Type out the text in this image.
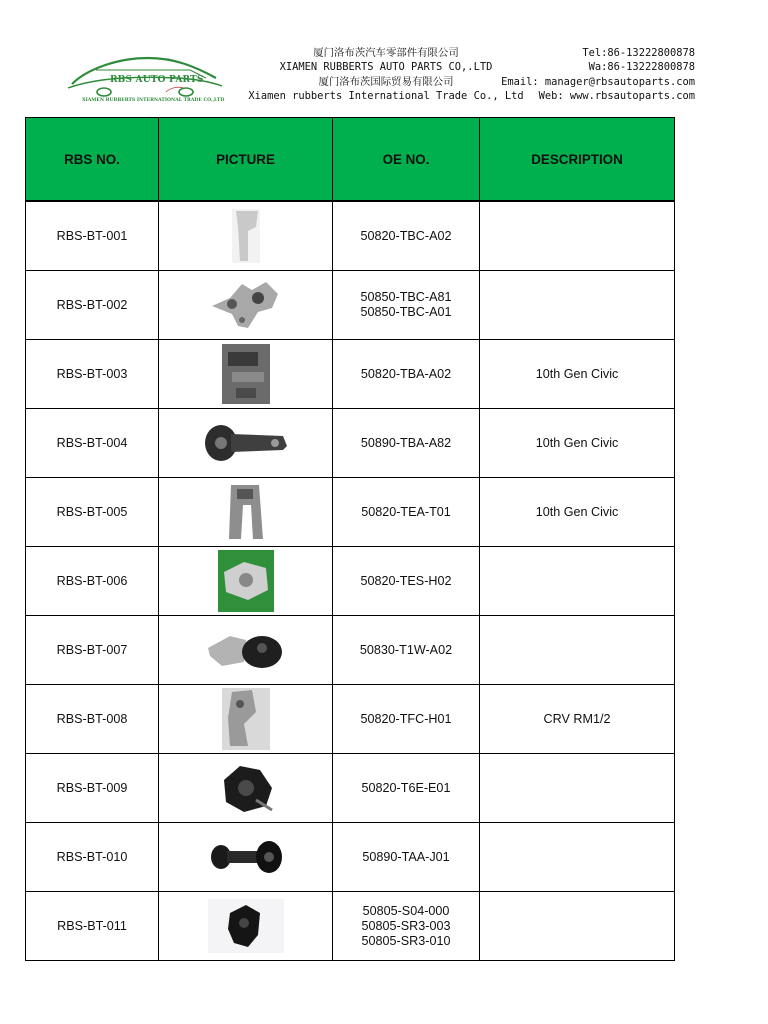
RBS AUTO PARTS
XIAMEN RUBBERTS INTERNATIONAL TRADE CO.,LTD
厦门洛布茨汽车零部件有限公司
XIAMEN RUBBERTS AUTO PARTS CO,.LTD
厦门洛布茨国际贸易有限公司
Xiamen rubberts International Trade Co., Ltd
Tel:86-13222800878
Wa:86-13222800878
Email: manager@rbsautoparts.com
Web: www.rbsautoparts.com
RBS NO.	PICTURE	OE NO.	DESCRIPTION
RBS-BT-001		50820-TBC-A02	

RBS-BT-002		50850-TBC-A81
50850-TBC-A01	

RBS-BT-003		50820-TBA-A02	10th Gen Civic
RBS-BT-004		50890-TBA-A82	10th Gen Civic
RBS-BT-005		50820-TEA-T01	10th Gen Civic
RBS-BT-006		50820-TES-H02	

RBS-BT-007		50830-T1W-A02	

RBS-BT-008		50820-TFC-H01	CRV RM1/2
RBS-BT-009		50820-T6E-E01	

RBS-BT-010		50890-TAA-J01	

RBS-BT-011		50805-S04-000
50805-SR3-003
50805-SR3-010	
